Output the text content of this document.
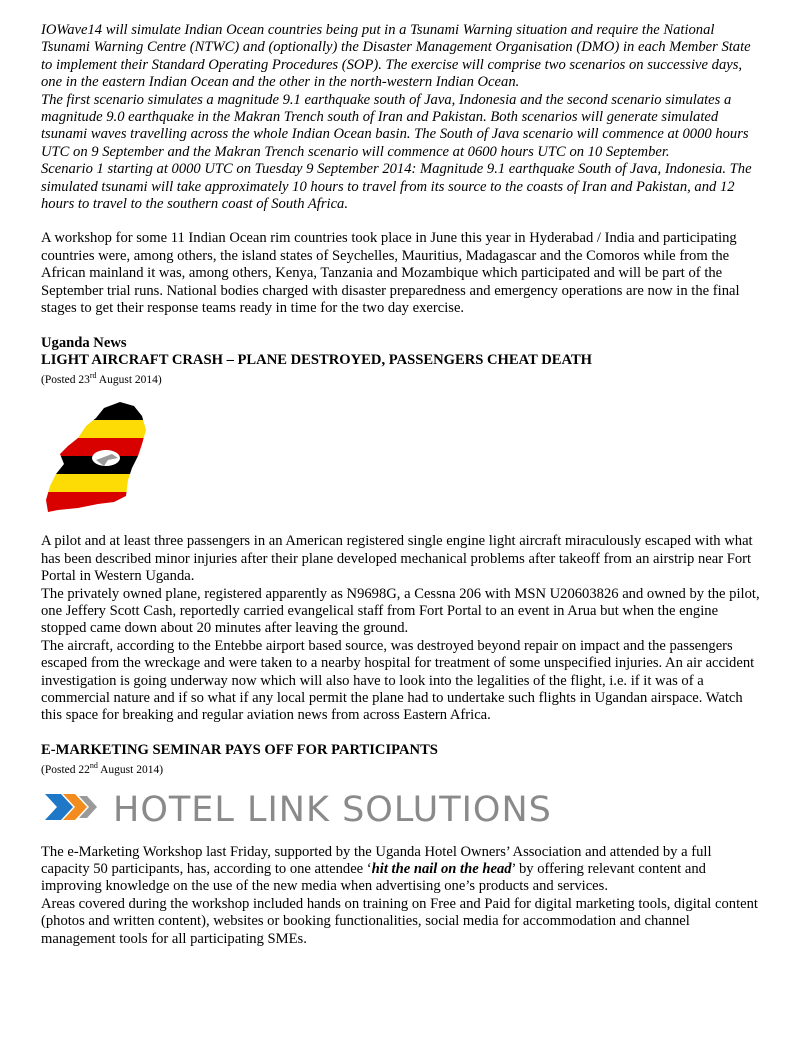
IOWave14 will simulate Indian Ocean countries being put in a Tsunami Warning situation and require the National Tsunami Warning Centre (NTWC) and (optionally) the Disaster Management Organisation (DMO) in each Member State to implement their Standard Operating Procedures (SOP). The exercise will comprise two scenarios on successive days, one in the eastern Indian Ocean and the other in the north-western Indian Ocean.

The first scenario simulates a magnitude 9.1 earthquake south of Java, Indonesia and the second scenario simulates a magnitude 9.0 earthquake in the Makran Trench south of Iran and Pakistan. Both scenarios will generate simulated tsunami waves travelling across the whole Indian Ocean basin. The South of Java scenario will commence at 0000 hours UTC on 9 September and the Makran Trench scenario will commence at 0600 hours UTC on 10 September.

Scenario 1 starting at 0000 UTC on Tuesday 9 September 2014: Magnitude 9.1 earthquake South of Java, Indonesia. The simulated tsunami will take approximately 10 hours to travel from its source to the coasts of Iran and Pakistan, and 12 hours to travel to the southern coast of South Africa.

A workshop for some 11 Indian Ocean rim countries took place in June this year in Hyderabad / India and participating countries were, among others, the island states of Seychelles, Mauritius, Madagascar and the Comoros while from the African mainland it was, among others, Kenya, Tanzania and Mozambique which participated and will be part of the September trial runs. National bodies charged with disaster preparedness and emergency operations are now in the final stages to get their response teams ready in time for the two day exercise.

Uganda News
LIGHT AIRCRAFT CRASH – PLANE DESTROYED, PASSENGERS CHEAT DEATH

(Posted 23rd August 2014)

A pilot and at least three passengers in an American registered single engine light aircraft miraculously escaped with what has been described minor injuries after their plane developed mechanical problems after takeoff from an airstrip near Fort Portal in Western Uganda.

The privately owned plane, registered apparently as N9698G, a Cessna 206 with MSN U20603826 and owned by the pilot, one Jeffery Scott Cash, reportedly carried evangelical staff from Fort Portal to an event in Arua but when the engine stopped came down about 20 minutes after leaving the ground.

The aircraft, according to the Entebbe airport based source, was destroyed beyond repair on impact and the passengers escaped from the wreckage and were taken to a nearby hospital for treatment of some unspecified injuries. An air accident investigation is going underway now which will also have to look into the legalities of the flight, i.e. if it was of a commercial nature and if so what if any local permit the plane had to undertake such flights in Ugandan airspace. Watch this space for breaking and regular aviation news from across Eastern Africa.

E-MARKETING SEMINAR PAYS OFF FOR PARTICIPANTS

(Posted 22nd August 2014)

HOTEL LINK SOLUTIONS

The e-Marketing Workshop last Friday, supported by the Uganda Hotel Owners’ Association and attended by a full capacity 50 participants, has, according to one attendee ‘hit the nail on the head’ by offering relevant content and improving knowledge on the use of the new media when advertising one’s products and services.

Areas covered during the workshop included hands on training on Free and Paid for digital marketing tools, digital content (photos and written content), websites or booking functionalities, social media for accommodation and channel management tools for all participating SMEs.
